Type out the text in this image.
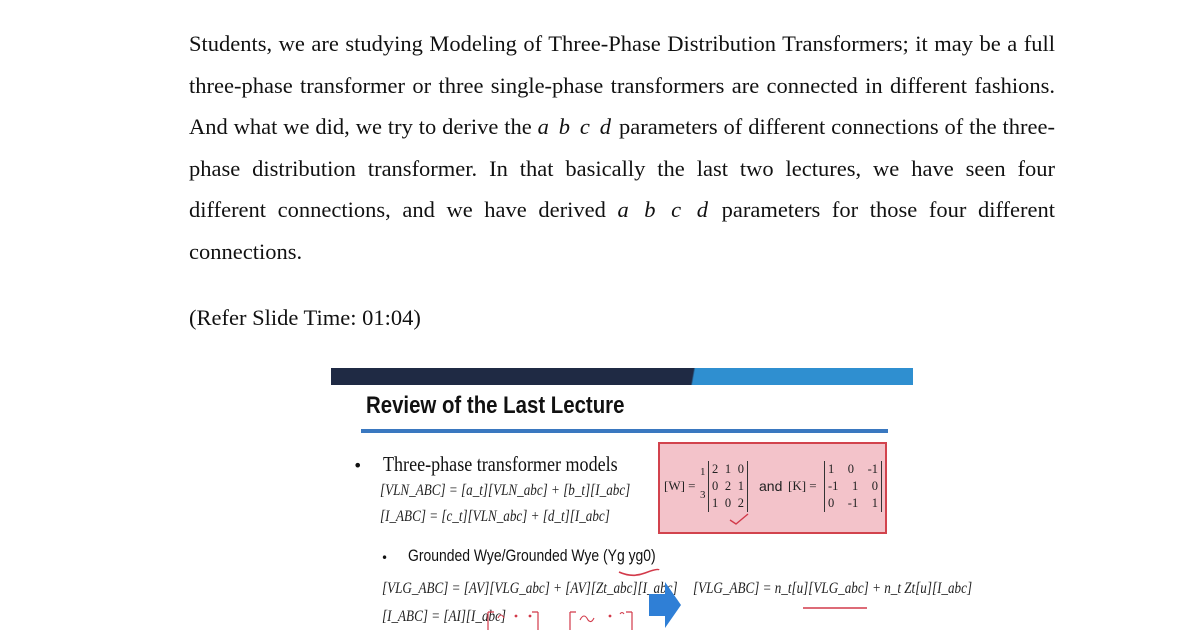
Students, we are studying Modeling of Three-Phase Distribution Transformers; it may be a full three-phase transformer or three single-phase transformers are connected in different fashions. And what we did, we try to derive the a b c d parameters of different connections of the three-phase distribution transformer. In that basically the last two lectures, we have seen four different connections, and we have derived a b c d parameters for those four different connections.
(Refer Slide Time: 01:04)
Review of the Last Lecture
• Three-phase transformer models
[VLN_ABC] = [a_t][VLN_abc] + [b_t][I_abc]
[I_ABC] = [c_t][VLN_abc] + [d_t][I_abc]
• Grounded Wye/Grounded Wye (Yg yg0)
[VLG_ABC] = [AV][VLG_abc] + [AV][Zt_abc][I_abc]
[I_ABC] = [AI][I_abc]
[W] =
1
3
2 1 0
0 2 1
1 0 2
and [K] =
1 0 -1
-1 1 0
0 -1 1
[VLG_ABC] = n_t[u][VLG_abc] + n_t Zt[u][I_abc]
